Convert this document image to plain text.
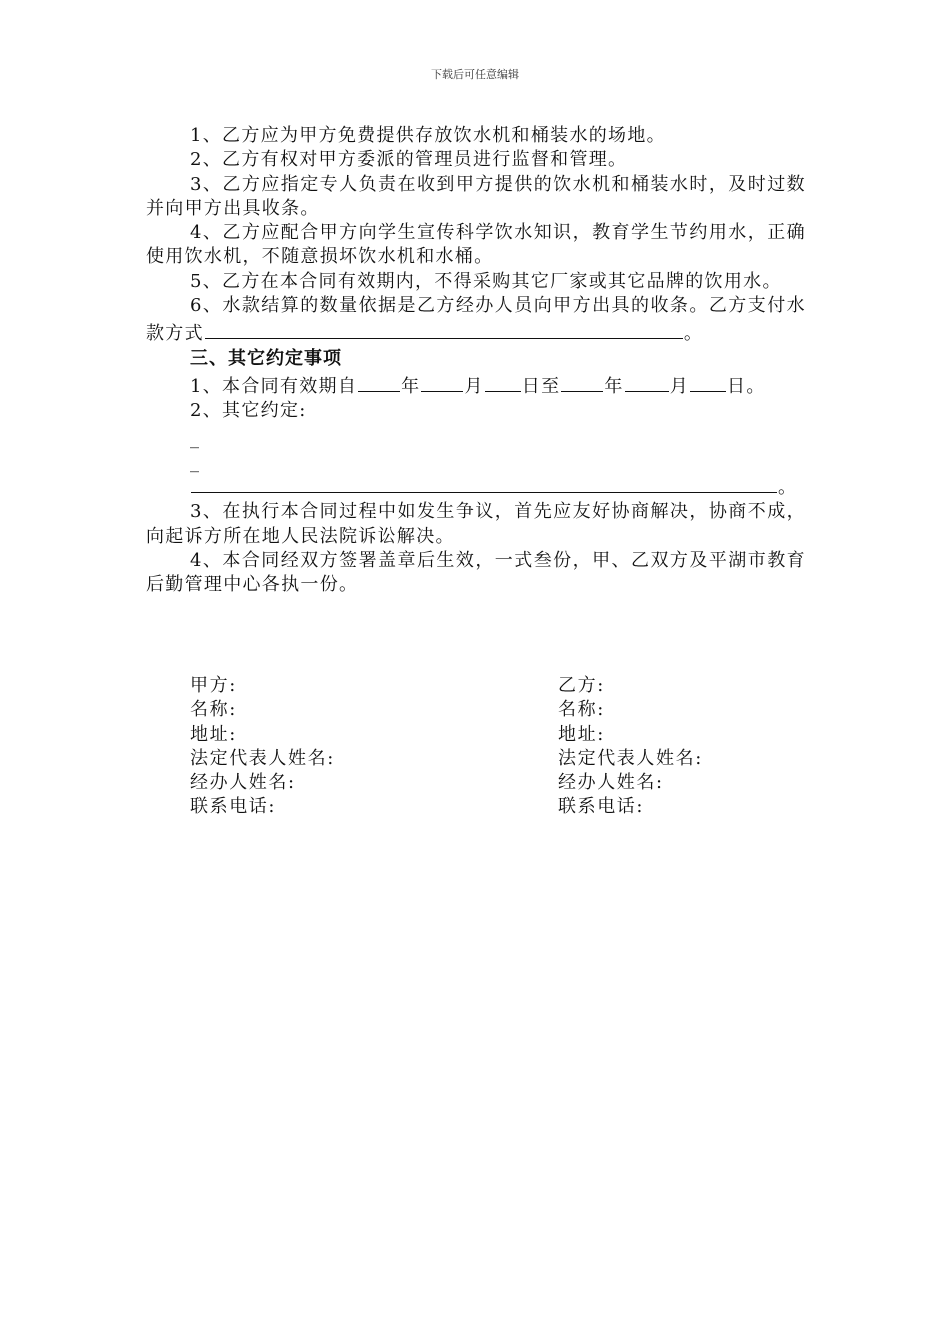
下载后可任意编辑

1、乙方应为甲方免费提供存放饮水机和桶装水的场地。

2、乙方有权对甲方委派的管理员进行监督和管理。

3、乙方应指定专人负责在收到甲方提供的饮水机和桶装水时，及时过数并向甲方出具收条。

4、乙方应配合甲方向学生宣传科学饮水知识，教育学生节约用水，正确使用饮水机，不随意损坏饮水机和水桶。

5、乙方在本合同有效期内，不得采购其它厂家或其它品牌的饮用水。

6、水款结算的数量依据是乙方经办人员向甲方出具的收条。乙方支付水款方式	。

三、其它约定事项

1、本合同有效期自 年 月 日至 年	月 日。

2、其它约定:

_

_

。

3、在执行本合同过程中如发生争议，首先应友好协商解决，协商不成，向起诉方所在地人民法院诉讼解决。

4、本合同经双方签署盖章后生效，一式叁份，甲、乙双方及平湖市教育后勤管理中心各执一份。

甲方:
名称:
地址:
法定代表人姓名:
经办人姓名:
联系电话:
乙方:
名称:
地址:
法定代表人姓名:
经办人姓名:
联系电话:
